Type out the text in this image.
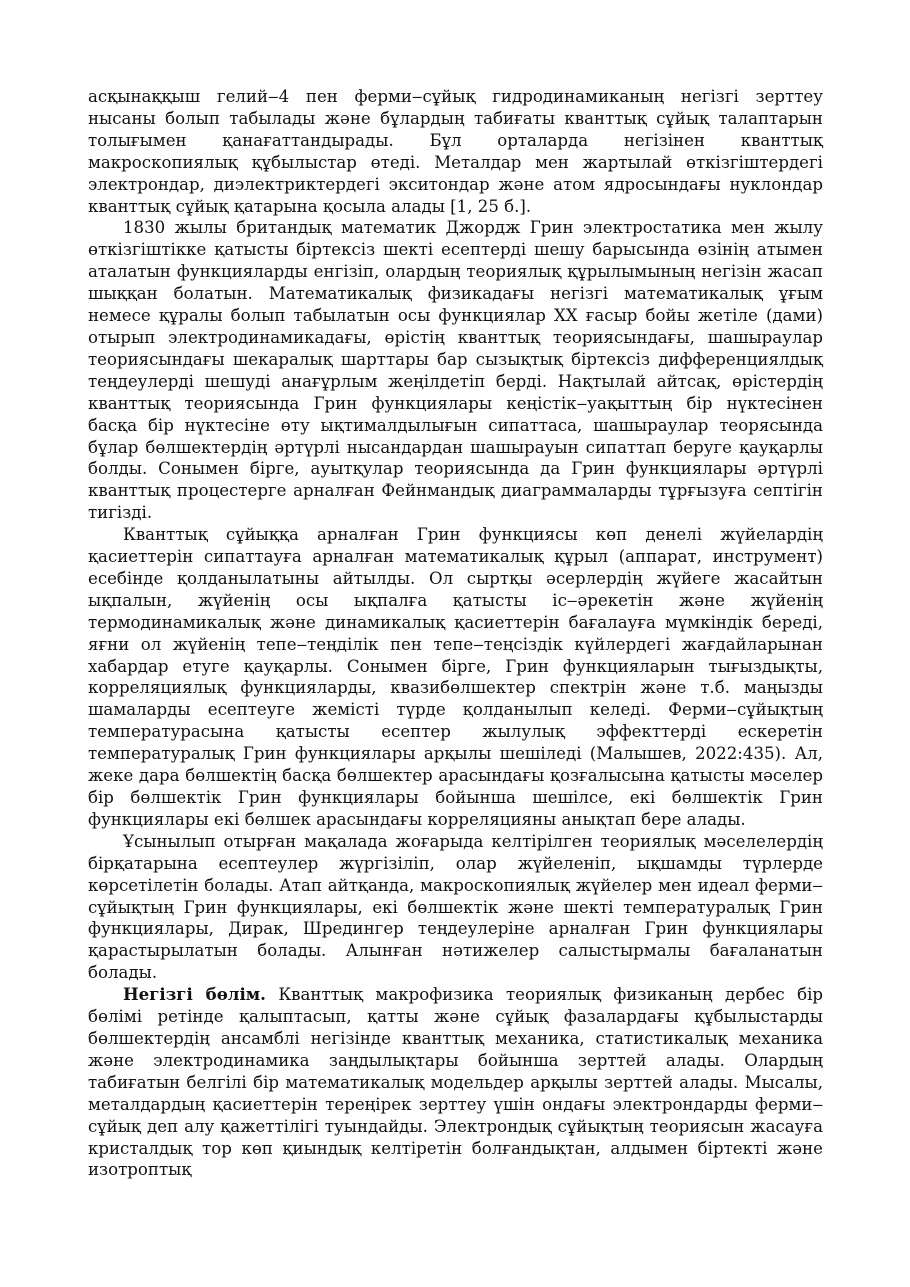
асқынаққыш гелий‒4 пен ферми‒сұйық гидродинамиканың негізгі зерттеу нысаны болып табылады және бұлардың табиғаты кванттық сұйық талаптарын толығымен қанағаттандырады. Бұл орталарда негізінен кванттық макроскопиялық құбылыстар өтеді. Металдар мен жартылай өткізгіштердегі электрондар, диэлектриктердегі экситондар және атом ядросындағы нуклондар кванттық сұйық қатарына қосыла алады [1, 25 б.].

1830 жылы британдық математик Джордж Грин электростатика мен жылу өткізгіштікке қатысты біртексіз шекті есептерді шешу барысында өзінің атымен аталатын функцияларды енгізіп, олардың теориялық құрылымының негізін жасап шыққан болатын. Математикалық физикадағы негізгі математикалық ұғым немесе құралы болып табылатын осы функциялар XX ғасыр бойы жетіле (дами) отырып электродинамикадағы, өрістің кванттық теориясындағы, шашыраулар теориясындағы шекаралық шарттары бар сызықтық біртексіз дифференциялдық теңдеулерді шешуді анағұрлым жеңілдетіп берді. Нақтылай айтсақ, өрістердің кванттық теориясында Грин функциялары кеңістік‒уақыттың бір нүктесінен басқа бір нүктесіне өту ықтималдылығын сипаттаса, шашыраулар теорясында бұлар бөлшектердің әртүрлі нысандардан шашырауын сипаттап беруге қауқарлы болды. Сонымен бірге, ауытқулар теориясында да Грин функциялары әртүрлі кванттық процестерге арналған Фейнмандық диаграммаларды тұрғызуға септігін тигізді.

Кванттық сұйыққа арналған Грин функциясы көп денелі жүйелардің қасиеттерін сипаттауға арналған математикалық құрыл (аппарат, инструмент) есебінде қолданылатыны айтылды. Ол сыртқы әсерлердің жүйеге жасайтын ықпалын, жүйенің осы ықпалға қатысты іс‒әрекетін және жүйенің термодинамикалық және динамикалық қасиеттерін бағалауға мүмкіндік береді, яғни ол жүйенің тепе‒теңділік пен тепе‒теңсіздік күйлердегі жағдайларынан хабардар етуге қауқарлы. Сонымен бірге, Грин функцияларын тығыздықты, корреляциялық функцияларды, квазибөлшектер спектрін және т.б. маңызды шамаларды есептеуге жемісті түрде қолданылып келеді. Ферми‒сұйықтың температурасына қатысты есептер жылулық эффекттерді ескеретін температуралық Грин функциялары арқылы шешіледі (Малышев, 2022:435). Ал, жеке дара бөлшектің басқа бөлшектер арасындағы қозғалысына қатысты мәселер бір бөлшектік Грин функциялары бойынша шешілсе, екі бөлшектік Грин функциялары екі бөлшек арасындағы корреляцияны анықтап бере алады.

Ұсынылып отырған мақалада жоғарыда келтірілген теориялық мәселелердің бірқатарына есептеулер жүргізіліп, олар жүйеленіп, ықшамды түрлерде көрсетілетін болады. Атап айтқанда, макроскопиялық жүйелер мен идеал ферми‒сұйықтың Грин функциялары, екі бөлшектік және шекті температуралық Грин функциялары, Дирак, Шредингер теңдеулеріне арналған Грин функциялары қарастырылатын болады. Алынған нәтижелер салыстырмалы бағаланатын болады.

Негізгі бөлім. Кванттық макрофизика теориялық физиканың дербес бір бөлімі ретінде қалыптасып, қатты және сұйық фазалардағы құбылыстарды бөлшектердің ансамблі негізінде кванттық механика, статистикалық механика және электродинамика заңдылықтары бойынша зерттей алады. Олардың табиғатын белгілі бір математикалық модельдер арқылы зерттей алады. Мысалы, металдардың қасиеттерін тереңірек зерттеу үшін ондағы электрондарды ферми‒сұйық деп алу қажеттілігі туындайды. Электрондық сұйықтың теориясын жасауға кристалдық тор көп қиындық келтіретін болғандықтан, алдымен біртекті және изотроптық
